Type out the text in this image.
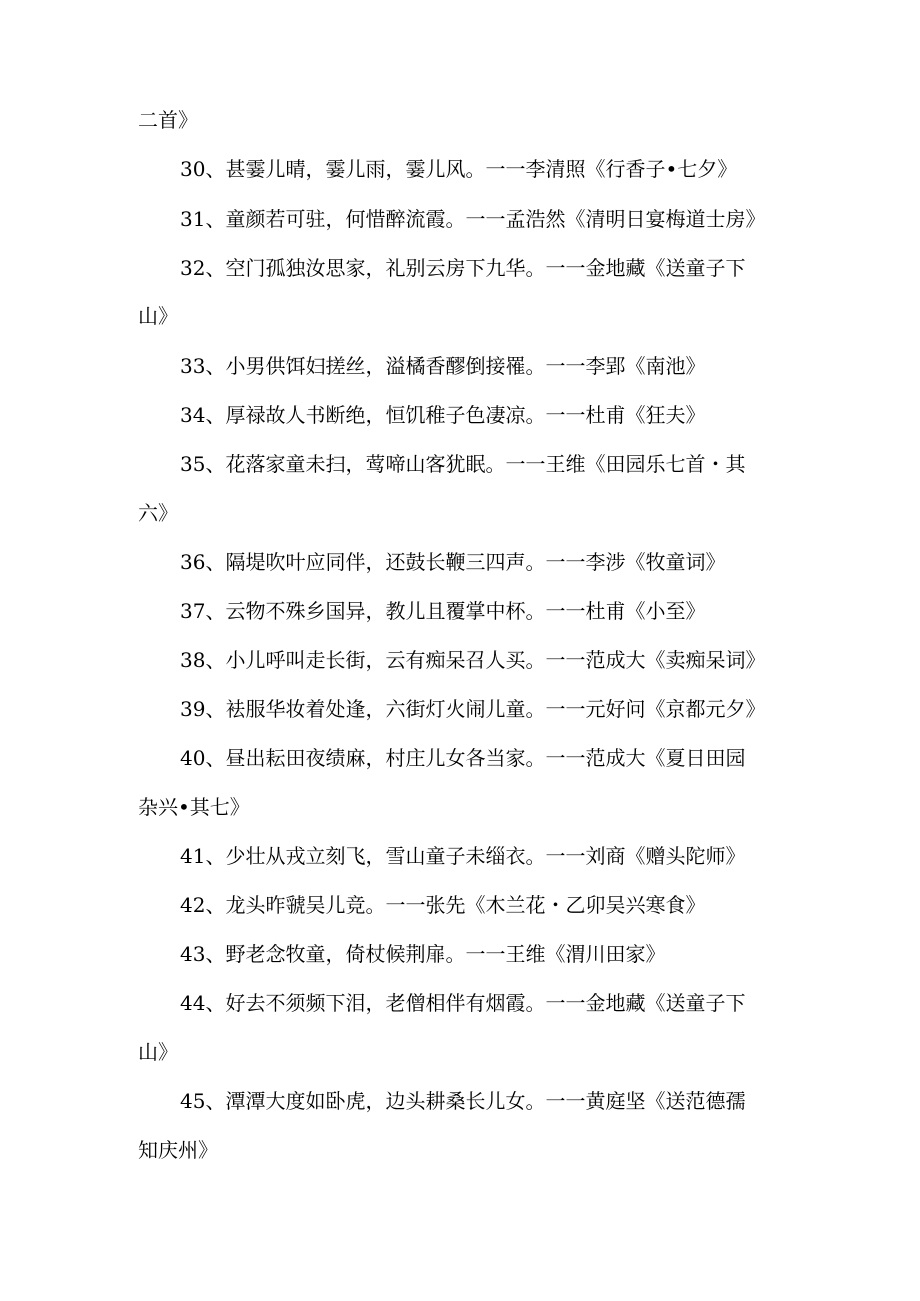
二首》
30、甚霎儿晴，霎儿雨，霎儿风。一一李清照《行香子•七夕》
31、童颜若可驻，何惜醉流霞。一一孟浩然《清明日宴梅道士房》
32、空门孤独汝思家，礼别云房下九华。一一金地藏《送童子下
山》
33、小男供饵妇搓丝，溢橘香醪倒接罹。一一李郢《南池》
34、厚禄故人书断绝，恒饥稚子色凄凉。一一杜甫《狂夫》
35、花落家童未扫，莺啼山客犹眠。一一王维《田园乐七首・其
六》
36、隔堤吹叶应同伴，还鼓长鞭三四声。一一李涉《牧童词》
37、云物不殊乡国异，教儿且覆掌中杯。一一杜甫《小至》
38、小儿呼叫走长街，云有痴呆召人买。一一范成大《卖痴呆词》
39、袪服华妆着处逢，六街灯火闹儿童。一一元好问《京都元夕》
40、昼出耘田夜绩麻，村庄儿女各当家。一一范成大《夏日田园
杂兴•其七》
41、少壮从戎立刻飞，雪山童子未缁衣。一一刘商《赠头陀师》
42、龙头昨虢吴儿竞。一一张先《木兰花・乙卯吴兴寒食》
43、野老念牧童，倚杖候荆扉。一一王维《渭川田家》
44、好去不须频下泪，老僧相伴有烟霞。一一金地藏《送童子下
山》
45、潭潭大度如卧虎，边头耕桑长儿女。一一黄庭坚《送范德孺
知庆州》
